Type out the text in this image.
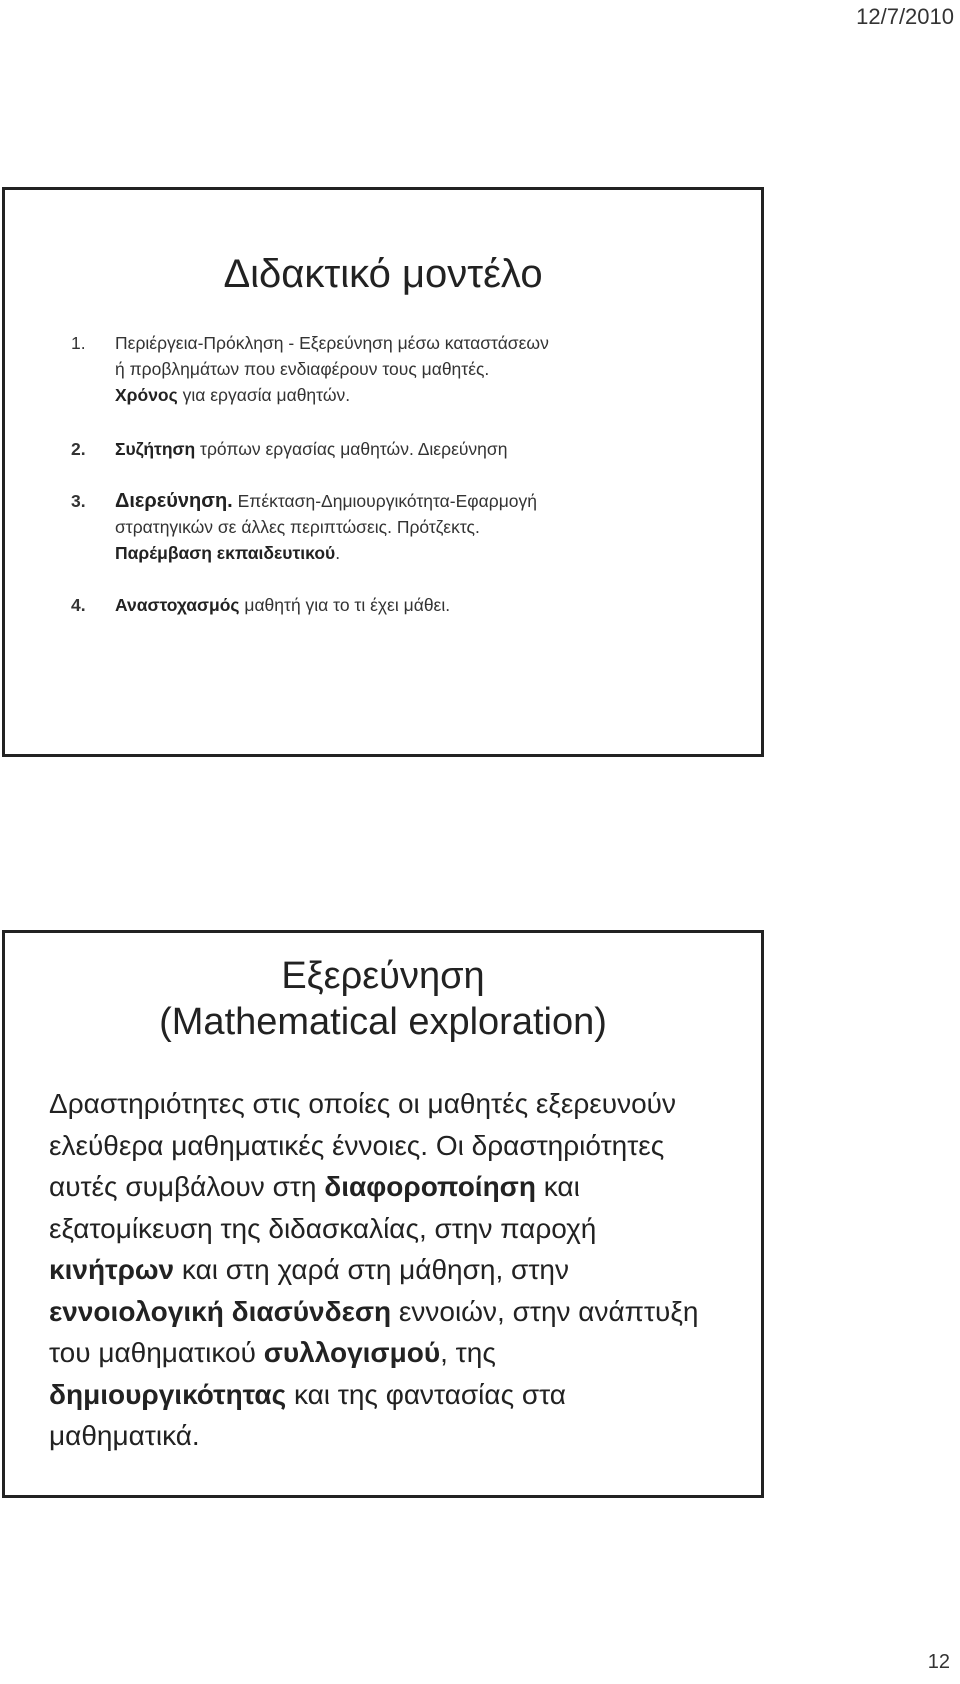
12/7/2010
Διδακτικό μοντέλο
1. Περιέργεια-Πρόκληση - Εξερεύνηση μέσω καταστάσεων
ή προβλημάτων που ενδιαφέρουν τους μαθητές.
Χρόνος για εργασία μαθητών.
2. Συζήτηση τρόπων εργασίας μαθητών. Διερεύνηση
3. Διερεύνηση. Επέκταση-Δημιουργικότητα-Εφαρμογή
στρατηγικών σε άλλες περιπτώσεις. Πρότζεκτς.
Παρέμβαση εκπαιδευτικού.
4. Αναστοχασμός μαθητή για το τι έχει μάθει.
Εξερεύνηση
(Mathematical exploration)
Δραστηριότητες στις οποίες οι μαθητές εξερευνούν ελεύθερα μαθηματικές έννοιες. Οι δραστηριότητες αυτές συμβάλουν στη διαφοροποίηση και εξατομίκευση της διδασκαλίας, στην παροχή κινήτρων και στη χαρά στη μάθηση, στην εννοιολογική διασύνδεση εννοιών, στην ανάπτυξη του μαθηματικού συλλογισμού, της δημιουργικότητας και της φαντασίας στα μαθηματικά.
12
